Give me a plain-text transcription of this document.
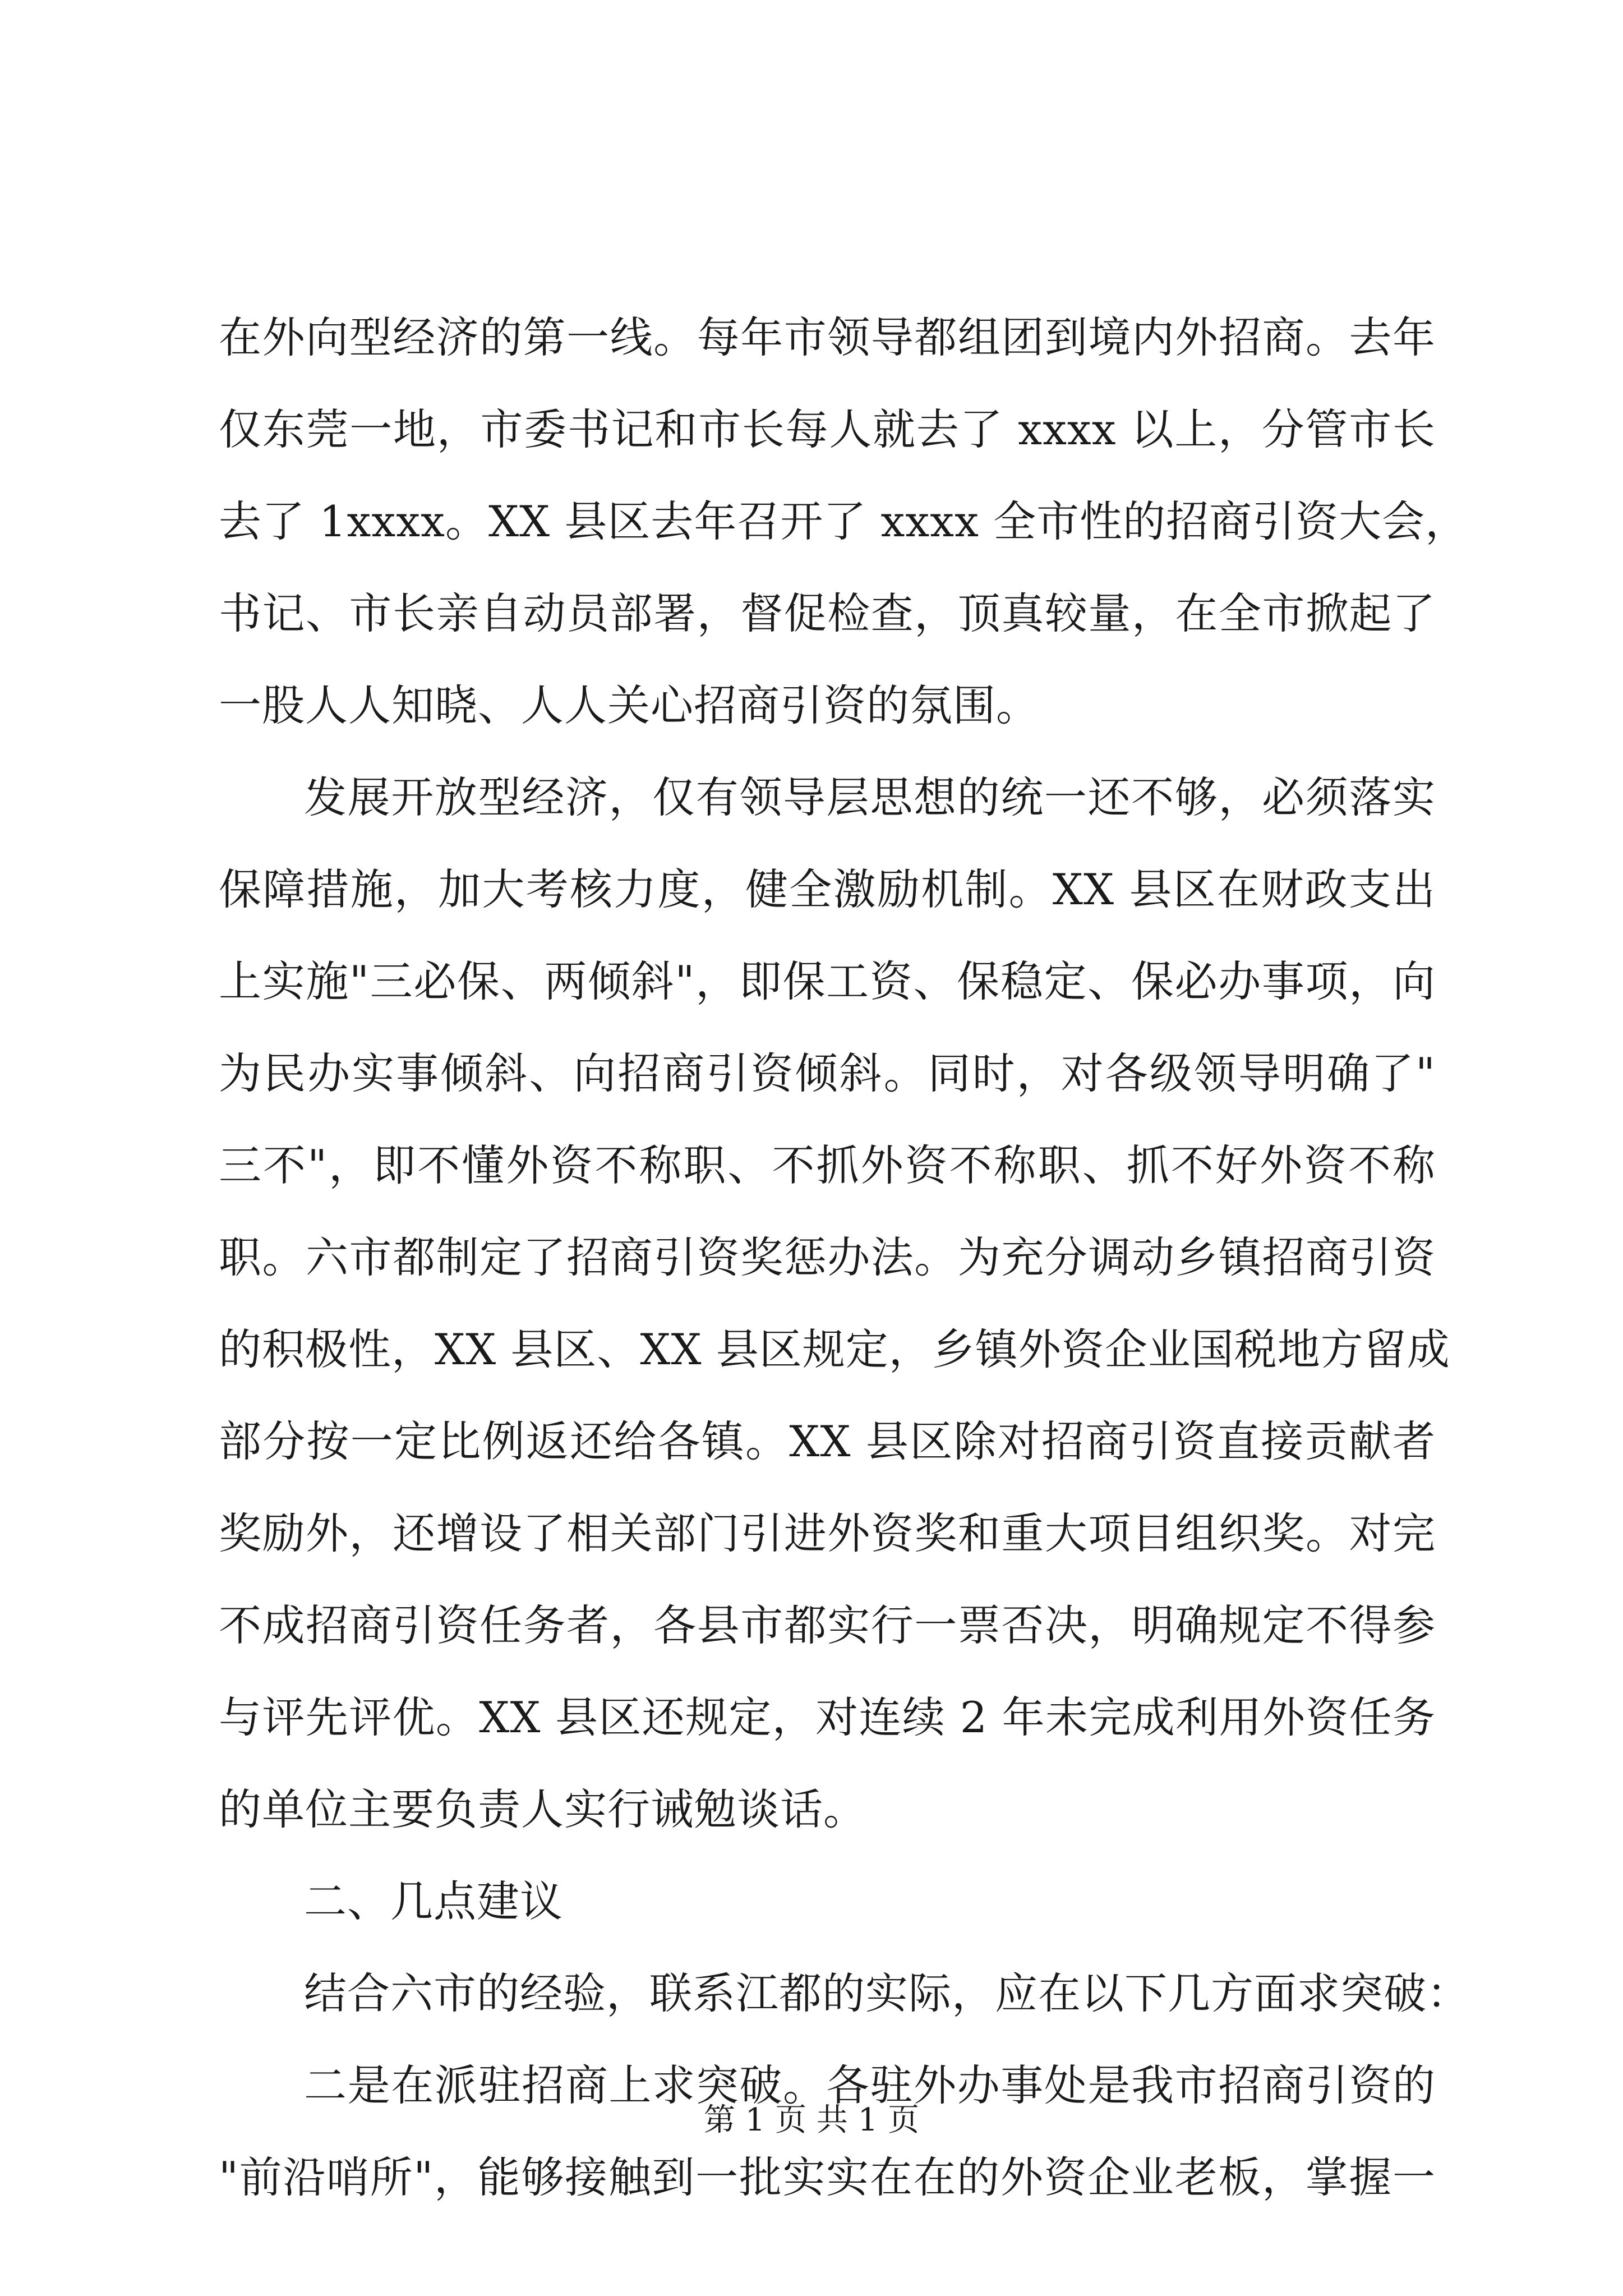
在外向型经济的第一线。每年市领导都组团到境内外招商。去年
仅东莞一地，市委书记和市长每人就去了 xxxx 以上，分管市长
去了 1xxxx。XX 县区去年召开了 xxxx 全市性的招商引资大会，
书记、市长亲自动员部署，督促检查，顶真较量，在全市掀起了
一股人人知晓、人人关心招商引资的氛围。
发展开放型经济，仅有领导层思想的统一还不够，必须落实
保障措施，加大考核力度，健全激励机制。XX 县区在财政支出
上实施"三必保、两倾斜"，即保工资、保稳定、保必办事项，向
为民办实事倾斜、向招商引资倾斜。同时，对各级领导明确了"
三不"，即不懂外资不称职、不抓外资不称职、抓不好外资不称
职。六市都制定了招商引资奖惩办法。为充分调动乡镇招商引资
的积极性，XX 县区、XX 县区规定，乡镇外资企业国税地方留成
部分按一定比例返还给各镇。XX 县区除对招商引资直接贡献者
奖励外，还增设了相关部门引进外资奖和重大项目组织奖。对完
不成招商引资任务者，各县市都实行一票否决，明确规定不得参
与评先评优。XX 县区还规定，对连续 2 年未完成利用外资任务
的单位主要负责人实行诫勉谈话。
二、几点建议
结合六市的经验，联系江都的实际，应在以下几方面求突破：
二是在派驻招商上求突破。各驻外办事处是我市招商引资的
"前沿哨所"，能够接触到一批实实在在的外资企业老板，掌握一
第 1 页 共 1 页
